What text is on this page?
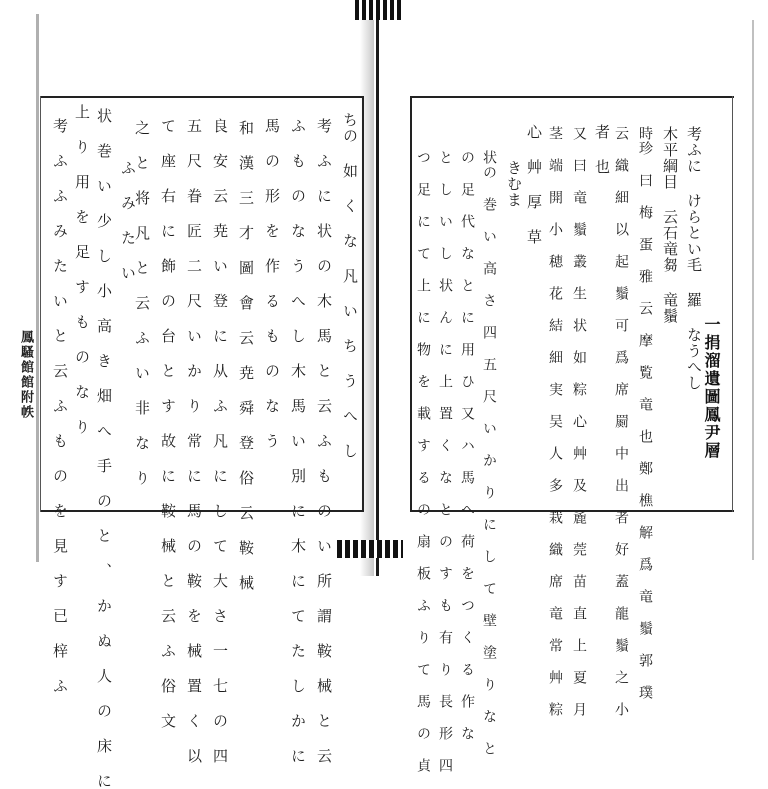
鳳騷館館附帙	ちの 如 く な 凡 い ち う へ し
考 ふ に 状 の 木 馬 と 云 ふ も の い 所 謂 鞍 械 と 云
ふ も の な う へ し 木 馬 い 別 に 木 に て た し か に
馬 の 形 を 作 る も の な う
和 漢 三 才 圖 會 云 尭 舜 登 俗 云 鞍 械
良 安 云 尭 い 登 に 从 ふ 凡 に し て 大 さ 一 七 の 四
五 尺 眷 匠 二 尺 い か り 常 に 馬 の 鞍 を 械 置 く 以
て 座 右 に 飾 の 台 と す 故 に 鞍 械 と 云 ふ 俗 文
之 と 将 凡 と 云 ふ い 非 な り
ふ み た い
状 巻 い 少 し 小 高 き 畑 へ 手 の と 、 か ぬ 人 の 床 に
上 り 用 を 足 す も の な り
考 ふ ふ み た い と 云 ふ も の を 見 す 已 梓 ふ	一捐溜遺圖鳳尹層
考ふに けらとい毛 羅 なうへし
木平綱目 云石竜芻 竜鬚
時珍 曰 梅 蛋 雅 云 摩 覧 竜 也 鄭 樵 解 爲 竜 鬚 郭 璞
云 織 細 以 起 鬚 可 爲 席 罽 中 出 者 好 蓋 龍 鬚 之 小
者 也
又 曰 竜 鬚 叢 生 状 如 粽 心 艸 及 麁 莞 苗 直 上 夏 月
茎 端 開 小 穂 花 結 細 実 吴 人 多 栽 織 席 竜 常 艸 粽
心 艸 厚 草
きむま
状の 巻 い 高 さ 四 五 尺 い か り に し て 壁 塗 り な と
の 足 代 な と に 用 ひ 又 ハ 馬 へ 荷 を つ く る 作 な
と し い し 状 ん に 上 置 く な と の す も 有 り 長 形 四
つ 足 に て 上 に 物 を 載 す る の 扇 板 ふ り て 馬 の 貞
